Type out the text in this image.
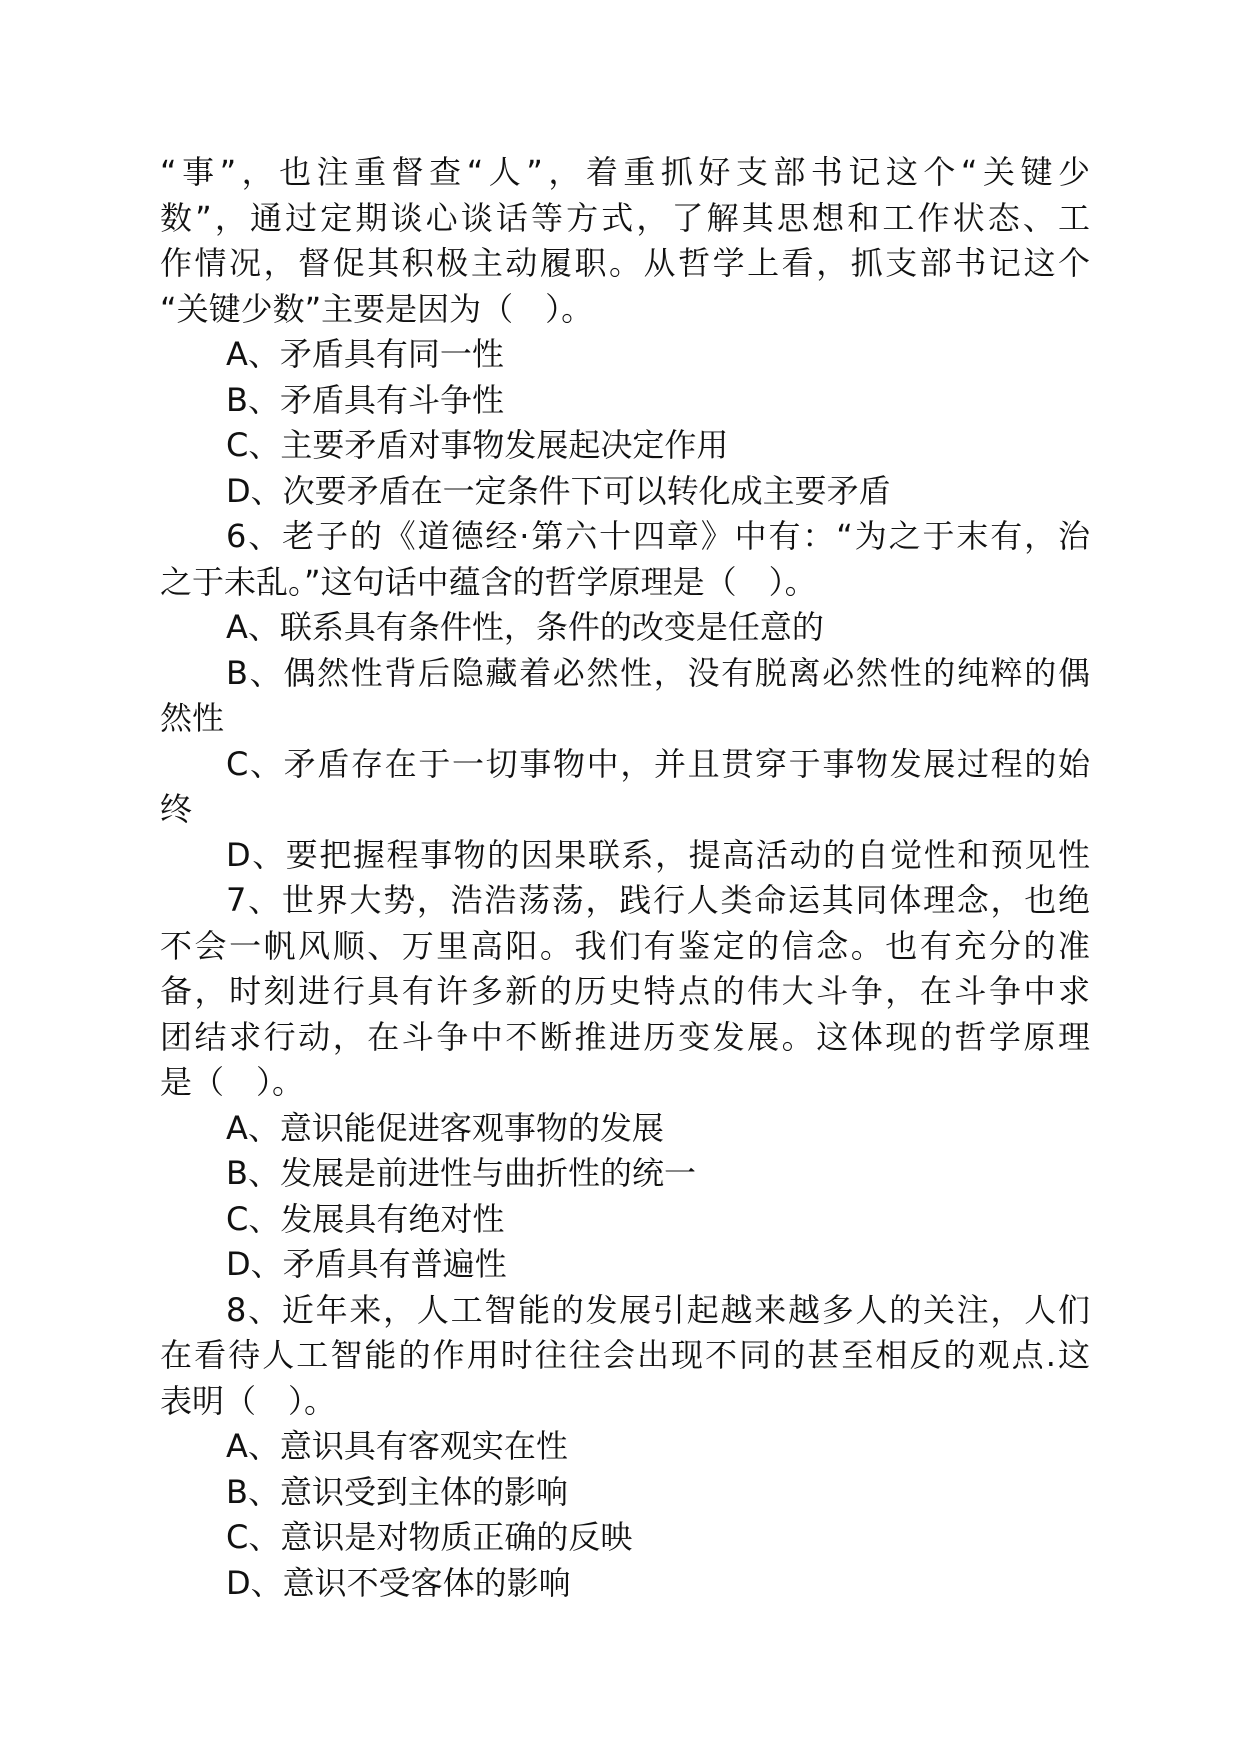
“事”，也注重督查“人”，着重抓好支部书记这个“关键少
数”，通过定期谈心谈话等方式，了解其思想和工作状态、工
作情况，督促其积极主动履职。从哲学上看，抓支部书记这个
“关键少数”主要是因为（　）。
A、矛盾具有同一性
B、矛盾具有斗争性
C、主要矛盾对事物发展起决定作用
D、次要矛盾在一定条件下可以转化成主要矛盾
6、老子的《道德经·第六十四章》中有：“为之于末有，治
之于未乱。”这句话中蕴含的哲学原理是（　）。
A、联系具有条件性，条件的改变是任意的
B、偶然性背后隐藏着必然性，没有脱离必然性的纯粹的偶
然性
C、矛盾存在于一切事物中，并且贯穿于事物发展过程的始
终
D、要把握程事物的因果联系，提高活动的自觉性和预见性
7、世界大势，浩浩荡荡，践行人类命运其同体理念，也绝
不会一帆风顺、万里高阳。我们有鉴定的信念。也有充分的准
备，时刻进行具有许多新的历史特点的伟大斗争，在斗争中求
团结求行动，在斗争中不断推进历变发展。这体现的哲学原理
是（　）。
A、意识能促进客观事物的发展
B、发展是前进性与曲折性的统一
C、发展具有绝对性
D、矛盾具有普遍性
8、近年来，人工智能的发展引起越来越多人的关注，人们
在看待人工智能的作用时往往会出现不同的甚至相反的观点.这
表明（　）。
A、意识具有客观实在性
B、意识受到主体的影响
C、意识是对物质正确的反映
D、意识不受客体的影响
